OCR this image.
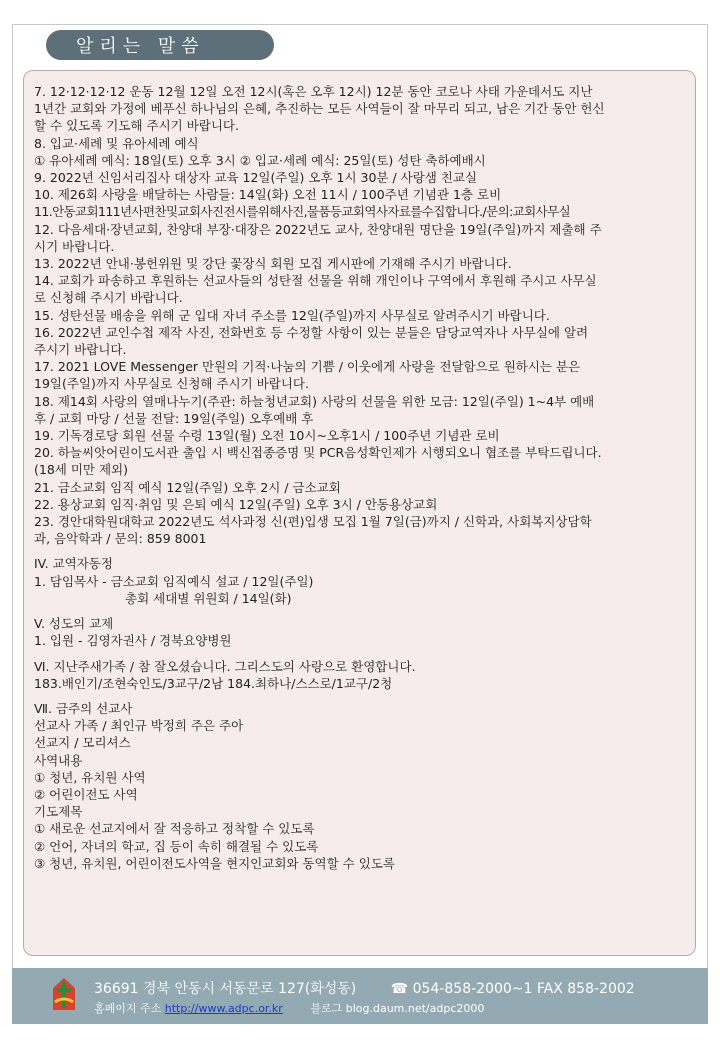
알리는 말씀
7. 12·12·12·12 운동 12월 12일 오전 12시(혹은 오후 12시) 12분 동안 코로나 사태 가운데서도 지난
1년간 교회와 가정에 베푸신 하나님의 은혜, 추진하는 모든 사역들이 잘 마무리 되고, 남은 기간 동안 헌신
할 수 있도록 기도해 주시기 바랍니다.
8. 입교·세례 및 유아세례 예식
① 유아세례 예식: 18일(토) 오후 3시 ② 입교·세례 예식: 25일(토) 성탄 축하예배시
9. 2022년 신임서리집사 대상자 교육 12일(주일) 오후 1시 30분 / 사랑샘 친교실
10. 제26회 사랑을 배달하는 사람들: 14일(화) 오전 11시 / 100주년 기념관 1층 로비
11.안동교회111년사편찬및교회사진전시를위해사진,물품등교회역사자료를수집합니다./문의:교회사무실
12. 다음세대·장년교회, 찬양대 부장·대장은 2022년도 교사, 찬양대원 명단을 19일(주일)까지 제출해 주
시기 바랍니다.
13. 2022년 안내·봉헌위원 및 강단 꽃장식 회원 모집 게시판에 기재해 주시기 바랍니다.
14. 교회가 파송하고 후원하는 선교사들의 성탄절 선물을 위해 개인이나 구역에서 후원해 주시고 사무실
로 신청해 주시기 바랍니다.
15. 성탄선물 배송을 위해 군 입대 자녀 주소를 12일(주일)까지 사무실로 알려주시기 바랍니다.
16. 2022년 교인수첩 제작 사진, 전화번호 등 수정할 사항이 있는 분들은 담당교역자나 사무실에 알려
주시기 바랍니다.
17. 2021 LOVE Messenger 만원의 기적·나눔의 기쁨 / 이웃에게 사랑을 전달함으로 원하시는 분은
19일(주일)까지 사무실로 신청해 주시기 바랍니다.
18. 제14회 사랑의 열매나누기(주관: 하늘청년교회) 사랑의 선물을 위한 모금: 12일(주일) 1~4부 예배
후 / 교회 마당 / 선물 전달: 19일(주일) 오후예배 후
19. 기독경로당 회원 선물 수령 13일(월) 오전 10시~오후1시 / 100주년 기념관 로비
20. 하늘씨앗어린이도서관 출입 시 백신접종증명 및 PCR음성확인제가 시행되오니 협조를 부탁드립니다.
(18세 미만 제외)
21. 금소교회 임직 예식 12일(주일) 오후 2시 / 금소교회
22. 용상교회 임직·취임 및 은퇴 예식 12일(주일) 오후 3시 / 안동용상교회
23. 경안대학원대학교 2022년도 석사과정 신(편)입생 모집 1월 7일(금)까지 / 신학과, 사회복지상담학
과, 음악학과 / 문의: 859 8001
IV. 교역자동정
1. 담임목사 - 금소교회 임직예식 설교 / 12일(주일)
총회 세대별 위원회 / 14일(화)
V. 성도의 교제
1. 입원 - 김영자권사 / 경북요양병원
Ⅵ. 지난주새가족 / 참 잘오셨습니다. 그리스도의 사랑으로 환영합니다.
183.배인기/조현숙인도/3교구/2남 184.최하나/스스로/1교구/2청
Ⅶ. 금주의 선교사
선교사 가족 / 최인규 박정희 주은 주아
선교지 / 모리셔스
사역내용
① 청년, 유치원 사역
② 어린이전도 사역
기도제목
① 새로운 선교지에서 잘 적응하고 정착할 수 있도록
② 언어, 자녀의 학교, 집 등이 속히 해결될 수 있도록
③ 청년, 유치원, 어린이전도사역을 현지인교회와 동역할 수 있도록
36691 경북 안동시 서동문로 127(화성동) ☎ 054-858-2000~1 FAX 858-2002
홈페이지 주소 http://www.adpc.or.kr	블로그 blog.daum.net/adpc2000
